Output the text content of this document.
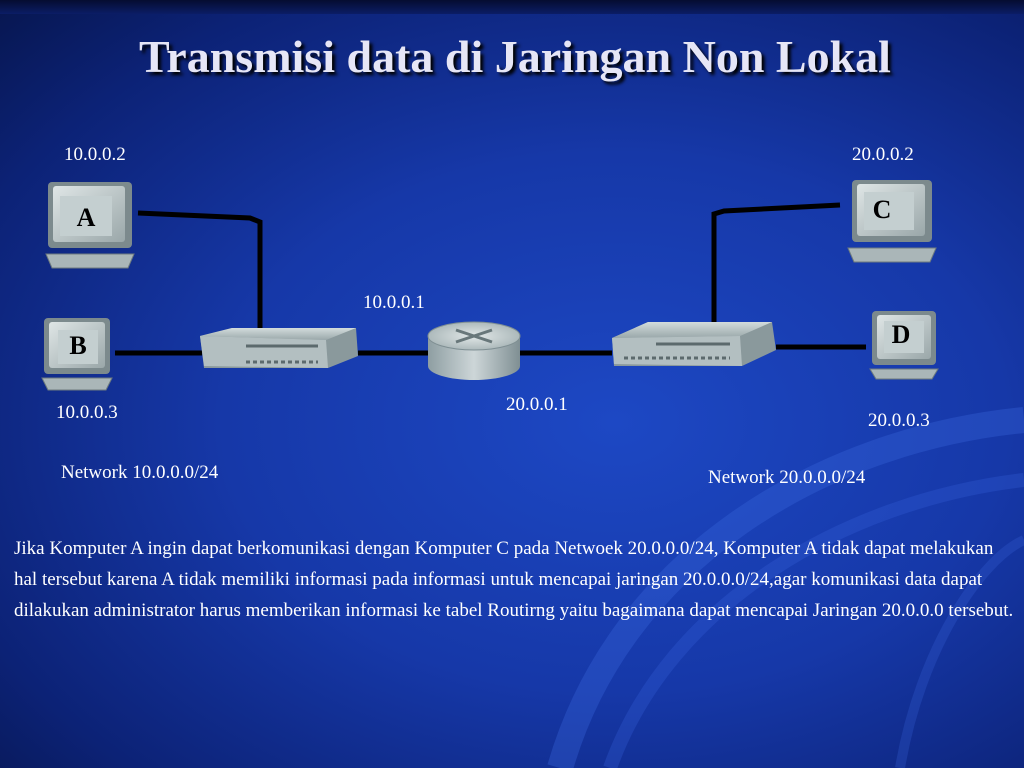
Transmisi data di Jaringan Non Lokal
A
B
C
D
10.0.0.2
10.0.0.3
20.0.0.2
20.0.0.3
10.0.0.1
20.0.0.1
Network 10.0.0.0/24	Network 20.0.0.0/24
Jika Komputer A ingin dapat berkomunikasi dengan Komputer C pada Netwoek 20.0.0.0/24, Komputer A tidak dapat melakukan hal tersebut karena A tidak memiliki informasi pada informasi untuk mencapai jaringan 20.0.0.0/24,agar komunikasi data dapat dilakukan administrator harus memberikan informasi ke tabel Routirng yaitu bagaimana dapat mencapai Jaringan 20.0.0.0 tersebut.
